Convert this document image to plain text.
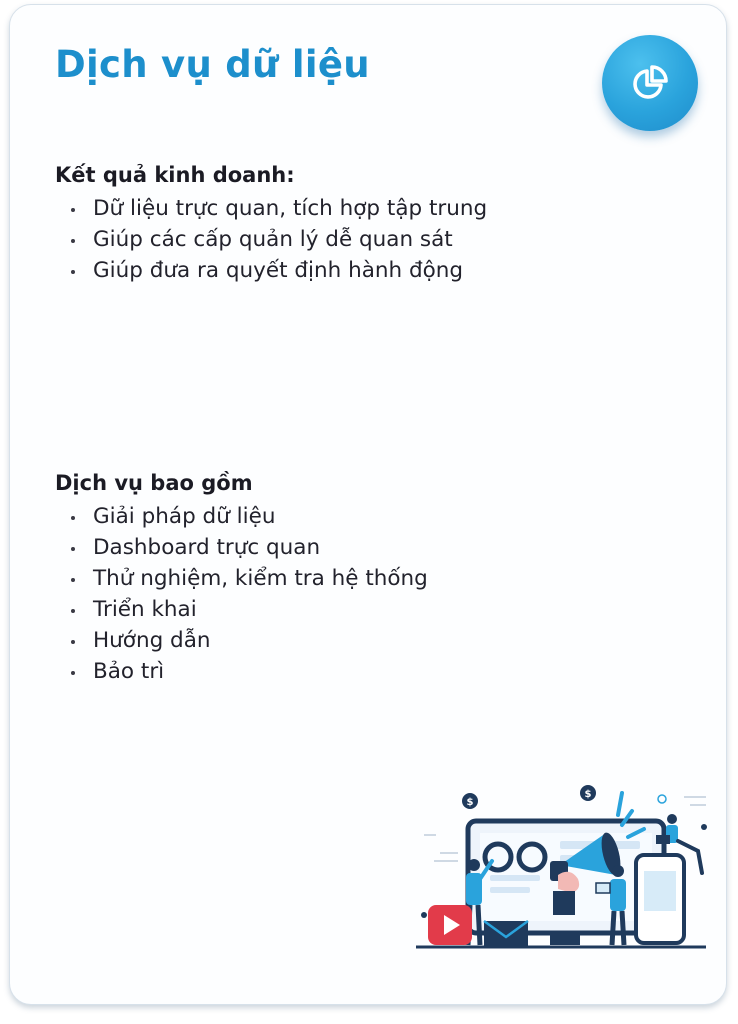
Dịch vụ dữ liệu
Kết quả kinh doanh:
Dữ liệu trực quan, tích hợp tập trung
Giúp các cấp quản lý dễ quan sát
Giúp đưa ra quyết định hành động
Dịch vụ bao gồm
Giải pháp dữ liệu
Dashboard trực quan
Thử nghiệm, kiểm tra hệ thống
Triển khai
Hướng dẫn
Bảo trì
$
$
